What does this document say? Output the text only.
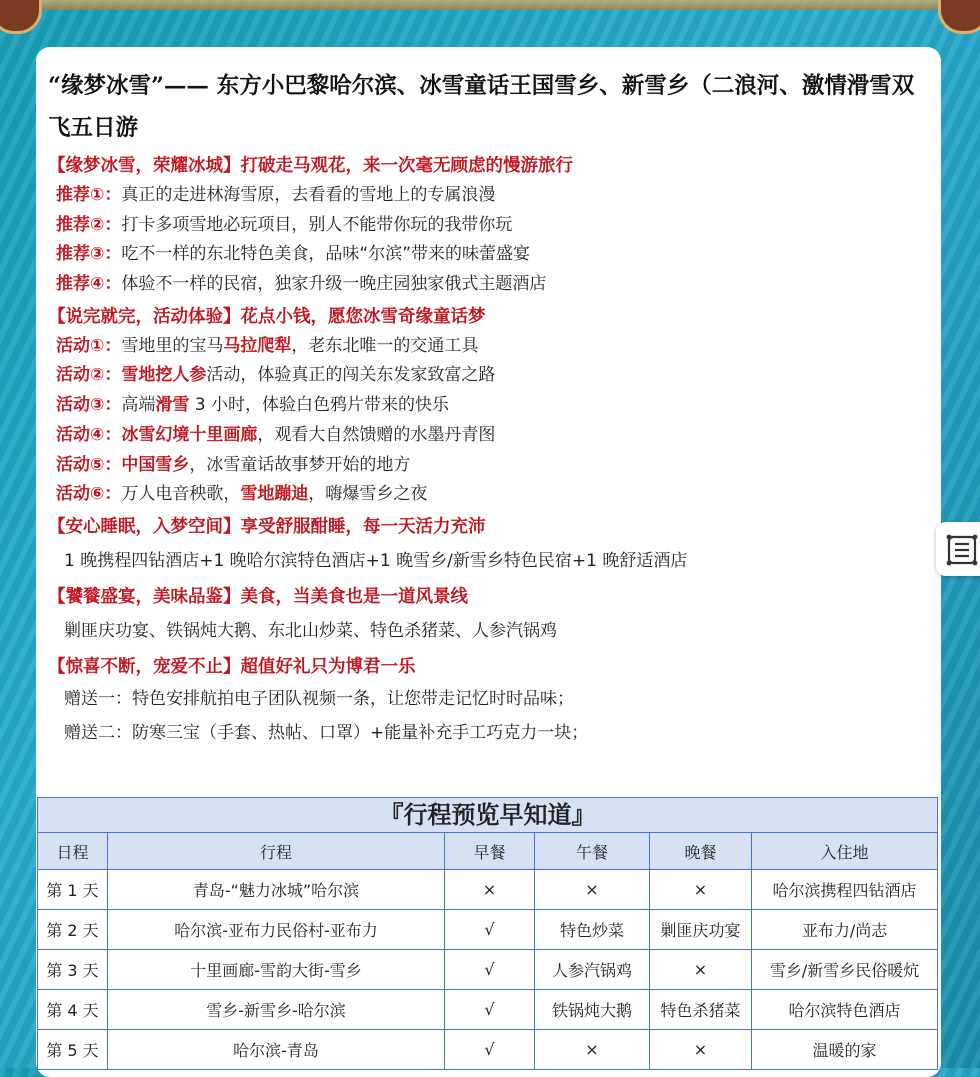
“缘梦冰雪”—— 东方小巴黎哈尔滨、冰雪童话王国雪乡、新雪乡（二浪河、激情滑雪双飞五日游
【缘梦冰雪，荣耀冰城】打破走马观花，来一次毫无顾虑的慢游旅行
推荐①：真正的走进林海雪原，去看看的雪地上的专属浪漫
推荐②：打卡多项雪地必玩项目，别人不能带你玩的我带你玩
推荐③：吃不一样的东北特色美食，品味“尔滨”带来的味蕾盛宴
推荐④：体验不一样的民宿，独家升级一晚庄园独家俄式主题酒店
【说完就完，活动体验】花点小钱，愿您冰雪奇缘童话梦
活动①：雪地里的宝马马拉爬犁，老东北唯一的交通工具
活动②：雪地挖人参活动，体验真正的闯关东发家致富之路
活动③：高端滑雪 3 小时，体验白色鸦片带来的快乐
活动④：冰雪幻境十里画廊，观看大自然馈赠的水墨丹青图
活动⑤：中国雪乡，冰雪童话故事梦开始的地方
活动⑥：万人电音秧歌，雪地蹦迪，嗨爆雪乡之夜
【安心睡眠，入梦空间】享受舒服酣睡，每一天活力充沛
1 晚携程四钻酒店+1 晚哈尔滨特色酒店+1 晚雪乡/新雪乡特色民宿+1 晚舒适酒店
【饕餮盛宴，美味品鉴】美食，当美食也是一道风景线
剿匪庆功宴、铁锅炖大鹅、东北山炒菜、特色杀猪菜、人参汽锅鸡
【惊喜不断，宠爱不止】超值好礼只为博君一乐
赠送一：特色安排航拍电子团队视频一条，让您带走记忆时时品味；
赠送二：防寒三宝（手套、热帖、口罩）+能量补充手工巧克力一块；
『行程预览早知道』					
日程	行程	早餐	午餐	晚餐	入住地
第 1 天	青岛-“魅力冰城”哈尔滨	×	×	×	哈尔滨携程四钻酒店
第 2 天	哈尔滨-亚布力民俗村-亚布力	√	特色炒菜	剿匪庆功宴	亚布力/尚志
第 3 天	十里画廊-雪韵大街-雪乡	√	人参汽锅鸡	×	雪乡/新雪乡民俗暖炕
第 4 天	雪乡-新雪乡-哈尔滨	√	铁锅炖大鹅	特色杀猪菜	哈尔滨特色酒店
第 5 天	哈尔滨-青岛	√	×	×	温暖的家
